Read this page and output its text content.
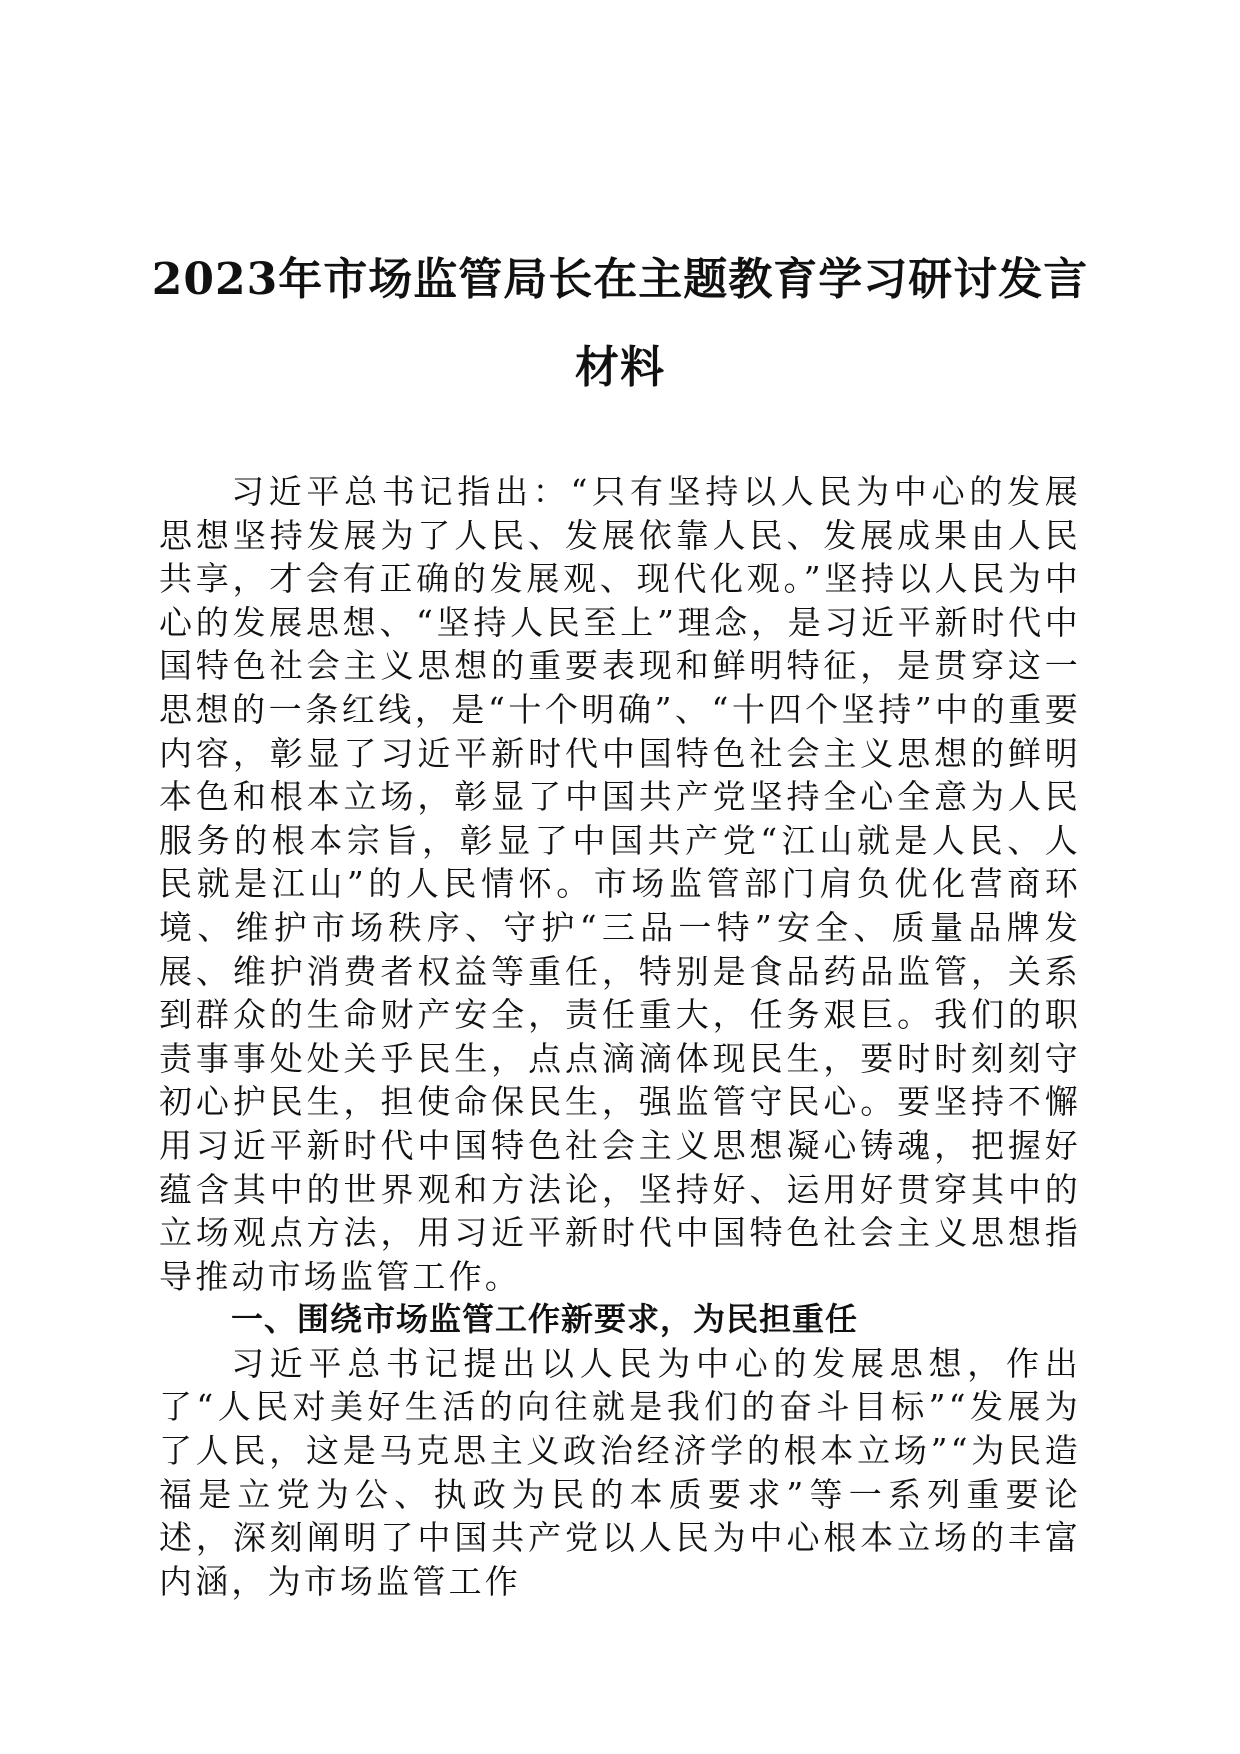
2023年市场监管局长在主题教育学习研讨发言材料

习近平总书记指出：“只有坚持以人民为中心的发展思想坚持发展为了人民、发展依靠人民、发展成果由人民共享，才会有正确的发展观、现代化观。”坚持以人民为中心的发展思想、“坚持人民至上”理念，是习近平新时代中国特色社会主义思想的重要表现和鲜明特征，是贯穿这一思想的一条红线，是“十个明确”、“十四个坚持”中的重要内容，彰显了习近平新时代中国特色社会主义思想的鲜明本色和根本立场，彰显了中国共产党坚持全心全意为人民服务的根本宗旨，彰显了中国共产党“江山就是人民、人民就是江山”的人民情怀。市场监管部门肩负优化营商环境、维护市场秩序、守护“三品一特”安全、质量品牌发展、维护消费者权益等重任，特别是食品药品监管，关系到群众的生命财产安全，责任重大，任务艰巨。我们的职责事事处处关乎民生，点点滴滴体现民生，要时时刻刻守初心护民生，担使命保民生，强监管守民心。要坚持不懈用习近平新时代中国特色社会主义思想凝心铸魂，把握好蕴含其中的世界观和方法论，坚持好、运用好贯穿其中的立场观点方法，用习近平新时代中国特色社会主义思想指导推动市场监管工作。

一、围绕市场监管工作新要求，为民担重任

习近平总书记提出以人民为中心的发展思想，作出了“人民对美好生活的向往就是我们的奋斗目标”“发展为了人民，这是马克思主义政治经济学的根本立场”“为民造福是立党为公、执政为民的本质要求”等一系列重要论述，深刻阐明了中国共产党以人民为中心根本立场的丰富内涵，为市场监管工作
